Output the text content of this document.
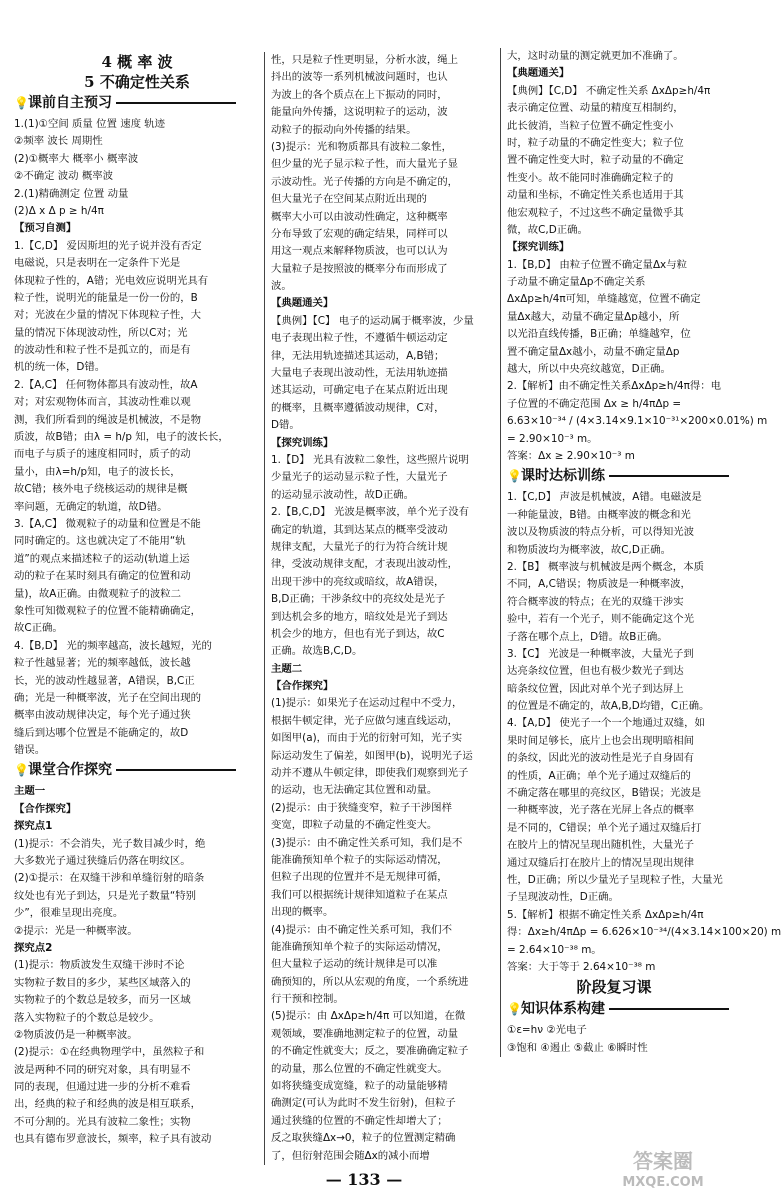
4 概 率 波
5 不确定性关系
💡课前自主预习
1.(1)①空间 质量 位置 速度 轨迹
②频率 波长 周期性
(2)①概率大 概率小 概率波
②不确定 波动 概率波
2.(1)精确测定 位置 动量
(2)Δ x Δ p ≥ h/4π
【预习自测】
1.【C,D】 爱因斯坦的光子说并没有否定
电磁说，只是表明在一定条件下光是
体现粒子性的，A错；光电效应说明光具有
粒子性，说明光的能量是一份一份的，B
对；光波在少量的情况下体现粒子性，大
量的情况下体现波动性，所以C对；光
的波动性和粒子性不是孤立的，而是有
机的统一体，D错。
2.【A,C】 任何物体都具有波动性，故A
对；对宏观物体而言，其波动性难以观
测，我们所看到的绳波是机械波，不是物
质波，故B错；由λ = h/p 知，电子的波长长，
而电子与质子的速度相同时，质子的动
量小，由λ=h/p知，电子的波长长，
故C错；核外电子绕核运动的规律是概
率问题，无确定的轨道，故D错。
3.【A,C】 微观粒子的动量和位置是不能
同时确定的。这也就决定了不能用“轨
道”的观点来描述粒子的运动(轨道上运
动的粒子在某时刻具有确定的位置和动
量)，故A正确。由微观粒子的波粒二
象性可知微观粒子的位置不能精确确定，
故C正确。
4.【B,D】 光的频率越高，波长越短，光的
粒子性越显著；光的频率越低，波长越
长，光的波动性越显著，A错误，B,C正
确；光是一种概率波，光子在空间出现的
概率由波动规律决定，每个光子通过狭
缝后到达哪个位置是不能确定的，故D
错误。
💡课堂合作探究
主题一
【合作探究】
探究点1
(1)提示：不会消失，光子数目减少时，绝
大多数光子通过狭缝后仍落在明纹区。
(2)①提示：在双缝干涉和单缝衍射的暗条
纹处也有光子到达，只是光子数量“特别
少”，很难呈现出亮度。
②提示：光是一种概率波。
探究点2
(1)提示：物质波发生双缝干涉时不论
实物粒子数目的多少，某些区域落入的
实物粒子的个数总是较多，而另一区域
落入实物粒子的个数总是较少。
②物质波仍是一种概率波。
(2)提示：①在经典物理学中，虽然粒子和
波是两种不同的研究对象，具有明显不
同的表现，但通过进一步的分析不难看
出，经典的粒子和经典的波是相互联系，
不可分割的。光具有波粒二象性；实物
也具有德布罗意波长，频率，粒子具有波动
性，只是粒子性更明显，分析水波，绳上
抖出的波等一系列机械波问题时，也认
为波上的各个质点在上下振动的同时，
能量向外传播，这说明粒子的运动，波
动粒子的振动向外传播的结果。
(3)提示：光和物质都具有波粒二象性，
但少量的光子显示粒子性，而大量光子显
示波动性。光子传播的方向是不确定的，
但大量光子在空间某点附近出现的
概率大小可以由波动性确定，这种概率
分布导致了宏观的确定结果，同样可以
用这一观点来解释物质波，也可以认为
大量粒子是按照波的概率分布而形成了
波。
【典题通关】
【典例】【C】 电子的运动属于概率波，少量
电子表现出粒子性，不遵循牛顿运动定
律，无法用轨迹描述其运动，A,B错；
大量电子表现出波动性，无法用轨迹描
述其运动，可确定电子在某点附近出现
的概率，且概率遵循波动规律，C对，
D错。
【探究训练】
1.【D】 光具有波粒二象性，这些照片说明
少量光子的运动显示粒子性，大量光子
的运动显示波动性，故D正确。
2.【B,C,D】 光波是概率波，单个光子没有
确定的轨道，其到达某点的概率受波动
规律支配，大量光子的行为符合统计规
律，受波动规律支配，才表现出波动性，
出现干涉中的亮纹或暗纹，故A错误，
B,D正确；干涉条纹中的亮纹处是光子
到达机会多的地方，暗纹处是光子到达
机会少的地方，但也有光子到达，故C
正确。故选B,C,D。
主题二
【合作探究】
(1)提示：如果光子在运动过程中不受力，
根据牛顿定律，光子应做匀速直线运动，
如图甲(a)，而由于光的衍射可知，光子实
际运动发生了偏差，如图甲(b)，说明光子运
动并不遵从牛顿定律，即使我们观察到光子
的运动，也无法确定其位置和动量。
(2)提示：由于狭缝变窄，粒子干涉图样
变宽，即粒子动量的不确定性变大。
(3)提示：由不确定性关系可知，我们是不
能准确预知单个粒子的实际运动情况，
但粒子出现的位置并不是无规律可循，
我们可以根据统计规律知道粒子在某点
出现的概率。
(4)提示：由不确定性关系可知，我们不
能准确预知单个粒子的实际运动情况，
但大量粒子运动的统计规律是可以准
确预知的，所以从宏观的角度，一个系统进
行干预和控制。
(5)提示：由 ΔxΔp≥h/4π 可以知道，在微
观领域，要准确地测定粒子的位置，动量
的不确定性就变大；反之，要准确确定粒子
的动量，那么位置的不确定性就变大。
如将狭缝变成宽缝，粒子的动量能够精
确测定(可认为此时不发生衍射)，但粒子
通过狭缝的位置的不确定性却增大了；
反之取狭缝Δx→0，粒子的位置测定精确
了，但衍射范围会随Δx的减小而增
大，这时动量的测定就更加不准确了。
【典题通关】
【典例】【C,D】 不确定性关系 ΔxΔp≥h/4π
表示确定位置、动量的精度互相制约，
此长彼消，当粒子位置不确定性变小
时，粒子动量的不确定性变大；粒子位
置不确定性变大时，粒子动量的不确定
性变小。故不能同时准确确定粒子的
动量和坐标，不确定性关系也适用于其
他宏观粒子，不过这些不确定量微乎其
微，故C,D正确。
【探究训练】
1.【B,D】 由粒子位置不确定量Δx与粒
子动量不确定量Δp不确定关系
ΔxΔp≥h/4π可知，单缝越宽，位置不确定
量Δx越大，动量不确定量Δp越小，所
以光沿直线传播，B正确；单缝越窄，位
置不确定量Δx越小，动量不确定量Δp
越大，所以中央亮纹越宽，D正确。
2.【解析】由不确定性关系ΔxΔp≥h/4π得：电
子位置的不确定范围 Δx ≥ h/4πΔp =
6.63×10⁻³⁴ / (4×3.14×9.1×10⁻³¹×200×0.01%) m
= 2.90×10⁻³ m。
答案：Δx ≥ 2.90×10⁻³ m
💡课时达标训练
1.【C,D】 声波是机械波，A错。电磁波是
一种能量波，B错。由概率波的概念和光
波以及物质波的特点分析，可以得知光波
和物质波均为概率波，故C,D正确。
2.【B】 概率波与机械波是两个概念，本质
不同，A,C错误；物质波是一种概率波，
符合概率波的特点；在光的双缝干涉实
验中，若有一个光子，则不能确定这个光
子落在哪个点上，D错。故B正确。
3.【C】 光波是一种概率波，大量光子到
达亮条纹位置，但也有极少数光子到达
暗条纹位置，因此对单个光子到达屏上
的位置是不确定的，故A,B,D均错，C正确。
4.【A,D】 使光子一个一个地通过双缝，如
果时间足够长，底片上也会出现明暗相间
的条纹，因此光的波动性是光子自身固有
的性质，A正确；单个光子通过双缝后的
不确定落在哪里的亮纹区，B错误；光波是
一种概率波，光子落在光屏上各点的概率
是不同的，C错误；单个光子通过双缝后打
在胶片上的情况呈现出随机性，大量光子
通过双缝后打在胶片上的情况呈现出规律
性，D正确；所以少量光子呈现粒子性，大量光
子呈现波动性，D正确。
5.【解析】根据不确定性关系 ΔxΔp≥h/4π
得：Δx≥h/4πΔp = 6.626×10⁻³⁴/(4×3.14×100×20) m
= 2.64×10⁻³⁸ m。
答案：大于等于 2.64×10⁻³⁸ m
阶段复习课
💡知识体系构建
①ε=hν ②光电子
③饱和 ④遏止 ⑤截止 ⑥瞬时性
— 133 —
答案圈
MXQE.COM
